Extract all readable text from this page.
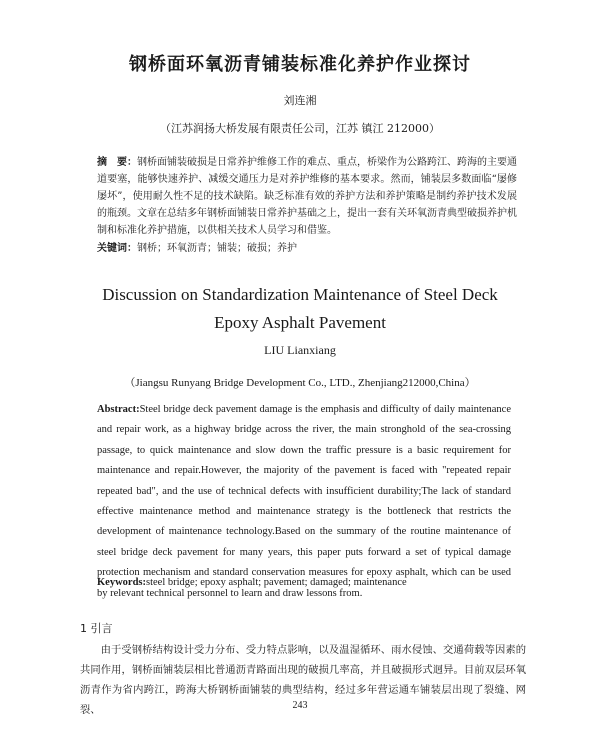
钢桥面环氧沥青铺装标准化养护作业探讨
刘连湘
（江苏润扬大桥发展有限责任公司，江苏 镇江 212000）
摘　要：钢桥面铺装破损是日常养护维修工作的难点、重点，桥梁作为公路跨江、跨海的主要通道要塞，能够快速养护、减缓交通压力是对养护维修的基本要求。然而，铺装层多数面临“屡修屡坏”，使用耐久性不足的技术缺陷。缺乏标准有效的养护方法和养护策略是制约养护技术发展的瓶颈。文章在总结多年钢桥面铺装日常养护基础之上，提出一套有关环氧沥青典型破损养护机制和标准化养护措施，以供相关技术人员学习和借鉴。
关键词：钢桥；环氧沥青；铺装；破损；养护
Discussion on Standardization Maintenance of Steel Deck Epoxy Asphalt Pavement
LIU Lianxiang
（Jiangsu Runyang Bridge Development Co., LTD., Zhenjiang212000,China）
Abstract:Steel bridge deck pavement damage is the emphasis and difficulty of daily maintenance and repair work, as a highway bridge across the river, the main stronghold of the sea-crossing passage, to quick maintenance and slow down the traffic pressure is a basic requirement for maintenance and repair.However, the majority of the pavement is faced with "repeated repair repeated bad", and the use of technical defects with insufficient durability;The lack of standard effective maintenance method and maintenance strategy is the bottleneck that restricts the development of maintenance technology.Based on the summary of the routine maintenance of steel bridge deck pavement for many years, this paper puts forward a set of typical damage protection mechanism and standard conservation measures for epoxy asphalt, which can be used by relevant technical personnel to learn and draw lessons from.
Keywords:steel bridge; epoxy asphalt; pavement; damaged; maintenance
1 引言
由于受钢桥结构设计受力分布、受力特点影响，以及温湿循环、雨水侵蚀、交通荷载等因素的共同作用，钢桥面铺装层相比普通沥青路面出现的破损几率高，并且破损形式迥异。目前双层环氧沥青作为省内跨江，跨海大桥钢桥面铺装的典型结构，经过多年营运通车铺装层出现了裂缝、网裂、	243
